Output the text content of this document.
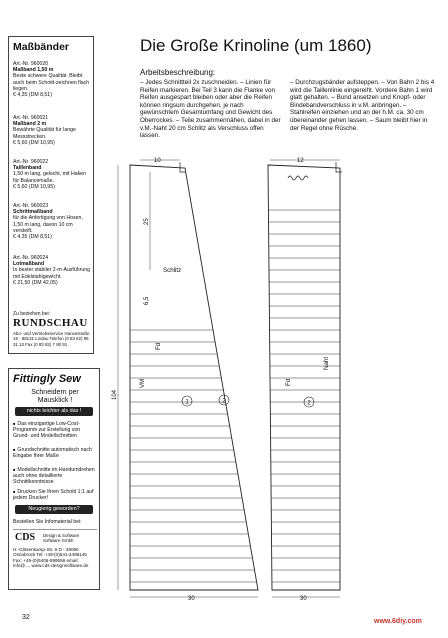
Maßbänder
Art.-Nr. 960020
Maßband 1,50 m
Beste schwere Qualität. Bleibt auch beim Schnitt-zeichnen flach liegen.
€ 4,35 (DM 8,51)
Art.-Nr. 960021
Maßband 2 m
Bewährte Qualität für lange Messstrecken.
€ 5,60 (DM 10,95)
Art.-Nr. 960022
Taillenband
1,50 m lang, gelocht, mit Haken für Balancemaße.
€ 5,60 (DM 10,95)
Art.-Nr. 960023
Schrittmaßband
für die Anfertigung von Hosen, 1,50 m lang, davon 10 cm versteift.
€ 4,35 (DM 8,51)
Art.-Nr. 960024
Lotmaßband
In bester stabiler 2-m-Ausführung mit Edelstahlgewicht.
€ 21,50 (DM 42,05)
Zu beziehen bei:
RUNDSCHAU
Abo- und Vertriebsservice Hansestraße 19 · 88131 Lindau Telefon (0 83 82) 96 31 13 Fax (0 83 82) 7 80 91
Fittingly Sew
Schneidern per Mausklick !
nichts leichter als das !
■ Das einzigartige Low-Cost-Programm zur Erstellung von Grund- und Modellschnitten
■ Grundschnitte automatisch nach Eingabe Ihrer Maße
■ Modellschnitte im Handumdrehen auch ohne detaillierte Schnittkenntnisse
■ Drucken Sie Ihren Schnitt 1:1 auf jedem Drucker!
Neugierig geworden?
Bestellen Sie Infomaterial bei:
CDS Design & Software Software Gmbh
H.-Glösenkamp-Str. 6 D - 49090 Osnabrück Tel: +49-(0)541-4498145 Fax: +49-(0)5406-899556 email: info@..., www.cds-designsoftware.de
Die Große Krinoline (um 1860)
Arbeitsbeschreibung:
– Jedes Schnittteil 2x zuschneiden. – Linien für Reifen markieren. Bei Teil 3 kann die Flanke von Reifen ausgespart bleiben oder aber die Reifen können ringsum durchgehen, je nach gewünschtem Gesamtumfang und Gewicht des Oberrockes. – Teile zusammennähen, dabei in der v.M.-Naht 20 cm Schlitz als Verschluss offen lassen.
– Durchzugsbänder aufsteppen. – Von Bahn 2 bis 4 wird die Taillenlinie eingereiht. Vordere Bahn 1 wird glatt gehalten. – Bund ansetzen und Knopf- oder Bindebandverschluss in v.M. anbringen. – Stahlreifen einziehen und an der h.M. ca. 30 cm übereinander gehen lassen. – Saum bleibt hier in der Regel ohne Rüsche.
10	12
30	30
104
25
6,5
Schlitz
VM
Fd
Fd
Naht
1	2	2
32
www.6diy.com
